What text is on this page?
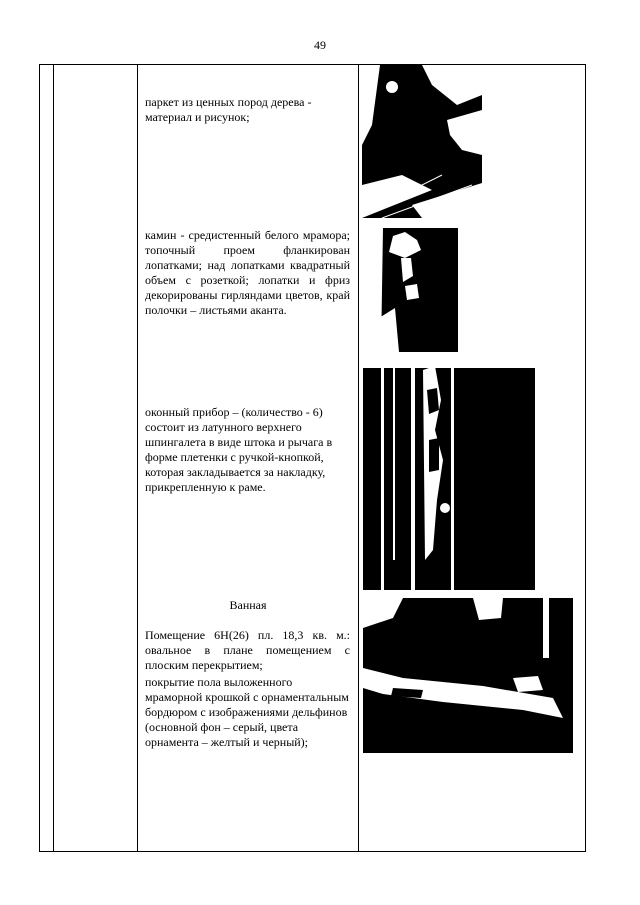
49
паркет из ценных пород дерева - материал и рисунок;
камин - средистенный белого мрамора; топочный проем фланкирован лопатками; над лопатками квадратный объем с розеткой; лопатки и фриз декорированы гирляндами цветов, край полочки – листьями аканта.
оконный прибор – (количество - 6) состоит из латунного верхнего шпингалета в виде штока и рычага в форме плетенки с ручкой-кнопкой, которая закладывается за накладку, прикрепленную к раме.
Ванная
Помещение 6Н(26) пл. 18,3 кв. м.: овальное в плане помещением с плоским перекрытием;
покрытие пола выложенного мраморной крошкой с орнаментальным бордюром с изображениями дельфинов (основной фон – серый, цвета орнамента – желтый и черный);
